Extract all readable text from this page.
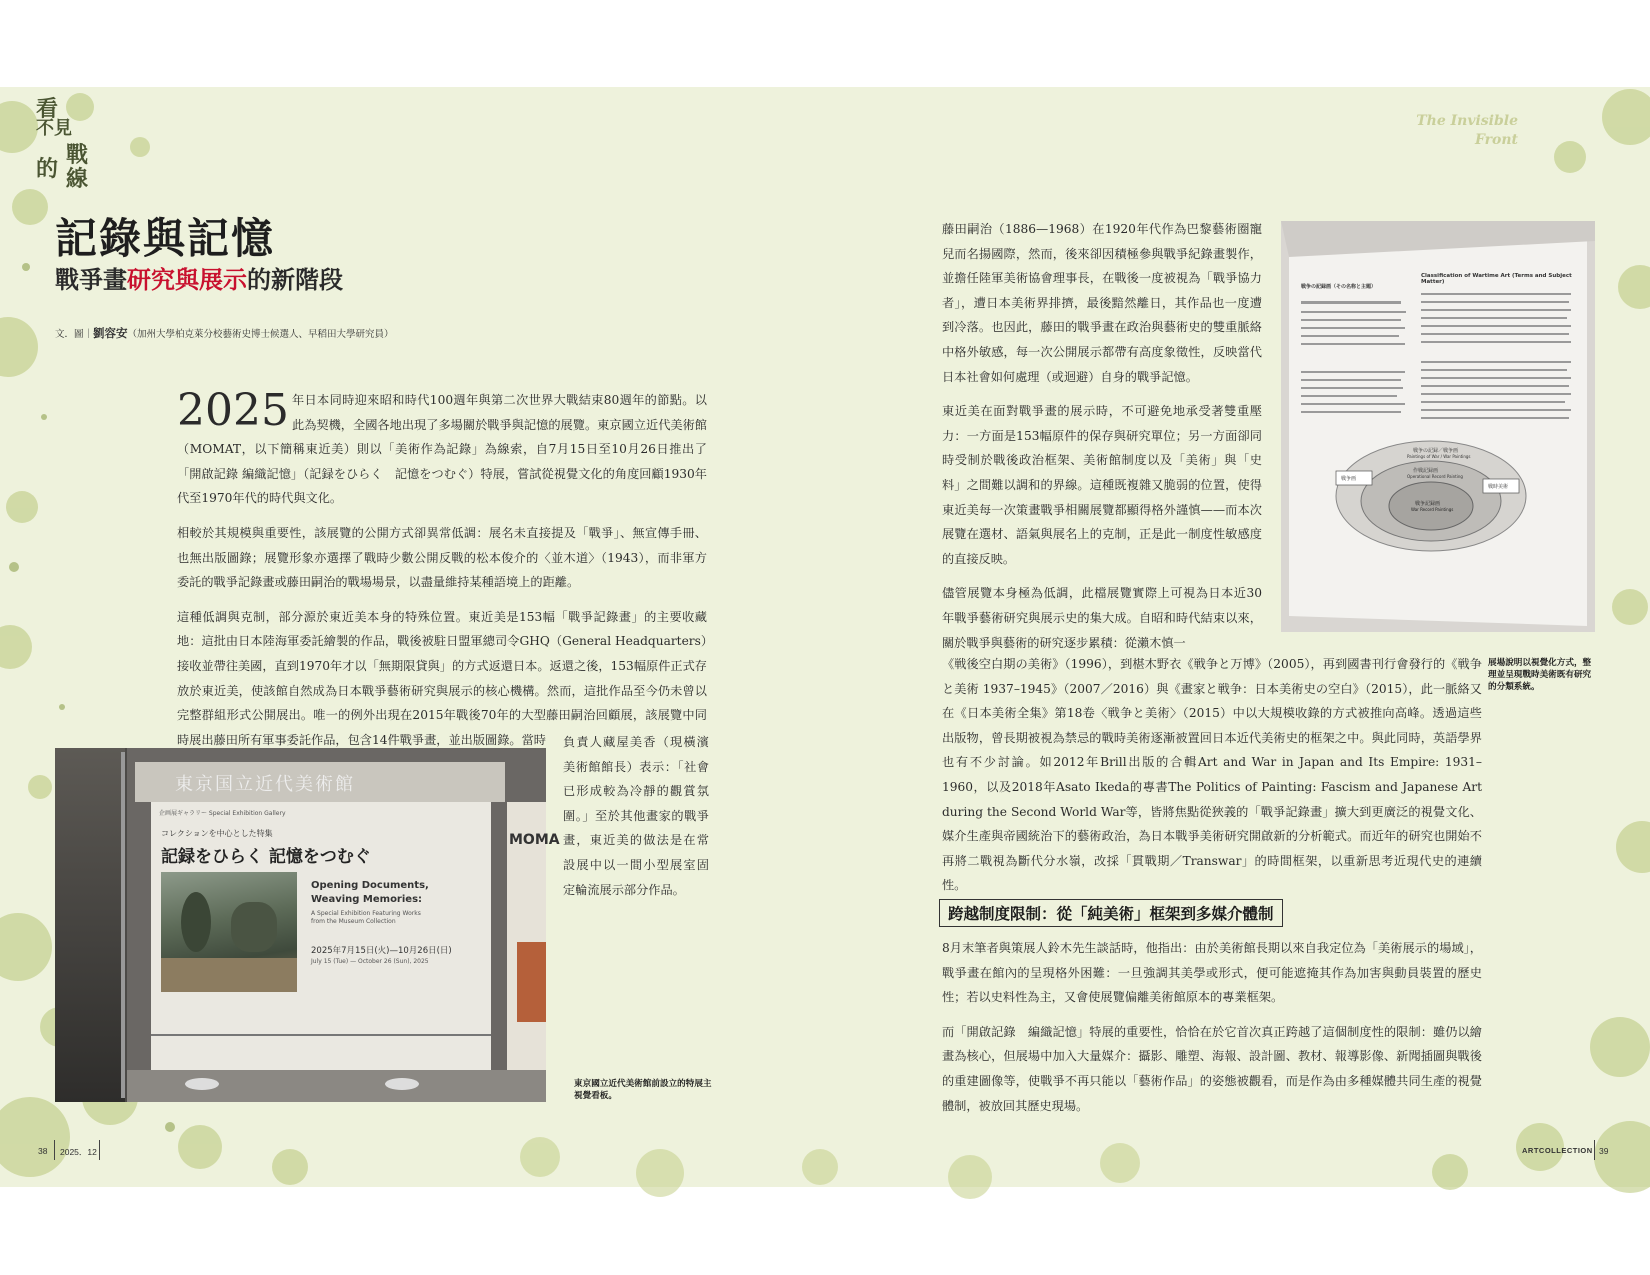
看
不見
的
戰
線
The Invisible
Front
記錄與記憶
戰爭畫研究與展示的新階段
文．圖｜劉容安（加州大學柏克萊分校藝術史博士候選人、早稻田大學研究員）

2025 年日本同時迎來昭和時代100週年與第二次世界大戰結束80週年的節點。以此為契機，全國各地出現了多場關於戰爭與記憶的展覽。東京國立近代美術館（MOMAT，以下簡稱東近美）則以「美術作為記錄」為線索，自7月15日至10月26日推出了「開啟記錄 編織記憶」（記録をひらく　記憶をつむぐ）特展，嘗試從視覺文化的角度回顧1930年代至1970年代的時代與文化。

相較於其規模與重要性，該展覽的公開方式卻異常低調：展名未直接提及「戰爭」、無宣傳手冊、也無出版圖錄；展覽形象亦選擇了戰時少數公開反戰的松本俊介的〈並木道〉（1943），而非軍方委託的戰爭記錄畫或藤田嗣治的戰場場景，以盡量維持某種語境上的距離。

這種低調與克制，部分源於東近美本身的特殊位置。東近美是153幅「戰爭記錄畫」的主要收藏地：這批由日本陸海軍委託繪製的作品，戰後被駐日盟軍總司令GHQ（General Headquarters）接收並帶往美國，直到1970年才以「無期限貸與」的方式返還日本。返還之後，153幅原件正式存放於東近美，使該館自然成為日本戰爭藝術研究與展示的核心機構。然而，這批作品至今仍未曾以完整群組形式公開展出。唯一的例外出現在2015年戰後70年的大型藤田嗣治回顧展，該展覽中同時展出藤田所有軍事委託作品，包含14件戰爭畫，並出版圖錄。當時	負責人藏屋美香（現橫濱美術館館長）表示：「社會已形成較為冷靜的觀賞氛圍。」至於其他畫家的戰爭畫，東近美的做法是在常設展中以一間小型展室固定輪流展示部分作品。

東京国立近代美術館
企画展ギャラリー Special Exhibition Gallery
コレクションを中心とした特集
記録をひらく 記憶をつむぐ
Opening Documents,
Weaving Memories:
A Special Exhibition Featuring Works from the Museum Collection
2025年7月15日(火)—10月26日(日)
July 15 (Tue) — October 26 (Sun), 2025
MOMA
東京國立近代美術館前設立的特展主視覺看板。

藤田嗣治（1886—1968）在1920年代作為巴黎藝術圈寵兒而名揚國際，然而，後來卻因積極參與戰爭紀錄畫製作，並擔任陸軍美術協會理事長，在戰後一度被視為「戰爭協力者」，遭日本美術界排擠，最後黯然離日，其作品也一度遭到冷落。也因此，藤田的戰爭畫在政治與藝術史的雙重脈絡中格外敏感，每一次公開展示都帶有高度象徵性，反映當代日本社會如何處理（或迴避）自身的戰爭記憶。

東近美在面對戰爭畫的展示時，不可避免地承受著雙重壓力：一方面是153幅原件的保存與研究單位；另一方面卻同時受制於戰後政治框架、美術館制度以及「美術」與「史料」之間難以調和的界線。這種既複雜又脆弱的位置，使得東近美每一次策畫戰爭相關展覽都顯得格外謹慎——而本次展覽在選材、語氣與展名上的克制，正是此一制度性敏感度的直接反映。

儘管展覽本身極為低調，此檔展覽實際上可視為日本近30年戰爭藝術研究與展示史的集大成。自昭和時代結束以來，關於戰爭與藝術的研究逐步累積：從瀨木慎一

《戦後空白期の美術》（1996），到椹木野衣《戦争と万博》（2005），再到國書刊行會發行的《戦争と美術 1937–1945》（2007／2016）與《畫家と戦争：日本美術史の空白》（2015），此一脈絡又在《日本美術全集》第18卷〈戦争と美術〉（2015）中以大規模收錄的方式被推向高峰。透過這些出版物，曾長期被視為禁忌的戰時美術逐漸被置回日本近代美術史的框架之中。與此同時，英語學界也有不少討論。如2012年Brill出版的合輯Art and War in Japan and Its Empire: 1931–1960，以及2018年Asato Ikeda的專書The Politics of Painting: Fascism and Japanese Art during the Second World War等，皆將焦點從狹義的「戰爭記錄畫」擴大到更廣泛的視覺文化、媒介生產與帝國統治下的藝術政治，為日本戰爭美術研究開啟新的分析範式。而近年的研究也開始不再將二戰視為斷代分水嶺，改採「貫戰期／Transwar」的時間框架，以重新思考近現代史的連續性。

戦争の記録画（その名称と主題）
Classification of Wartime Art (Terms and Subject Matter)
戦争の記録／戦争画
Paintings of War / War Paintings
作戦記録画
Operational Record Painting
戦争記録画
War Record Paintings
戦争画
戦時美術
展場說明以視覺化方式，整理並呈現戰時美術既有研究的分類系統。
跨越制度限制：從「純美術」框架到多媒介體制

8月末筆者與策展人鈴木先生談話時，他指出：由於美術館長期以來自我定位為「美術展示的場域」，戰爭畫在館內的呈現格外困難：一旦強調其美學或形式，便可能遮掩其作為加害與動員裝置的歷史性；若以史料性為主，又會使展覽偏離美術館原本的專業框架。

而「開啟記錄　編織記憶」特展的重要性，恰恰在於它首次真正跨越了這個制度性的限制：雖仍以繪畫為核心，但展場中加入大量媒介：攝影、雕塑、海報、設計圖、教材、報導影像、新聞插圖與戰後的重建圖像等，使戰爭不再只能以「藝術作品」的姿態被觀看，而是作為由多種媒體共同生產的視覺體制，被放回其歷史現場。

38 2025．12	ARTCOLLECTION 39
